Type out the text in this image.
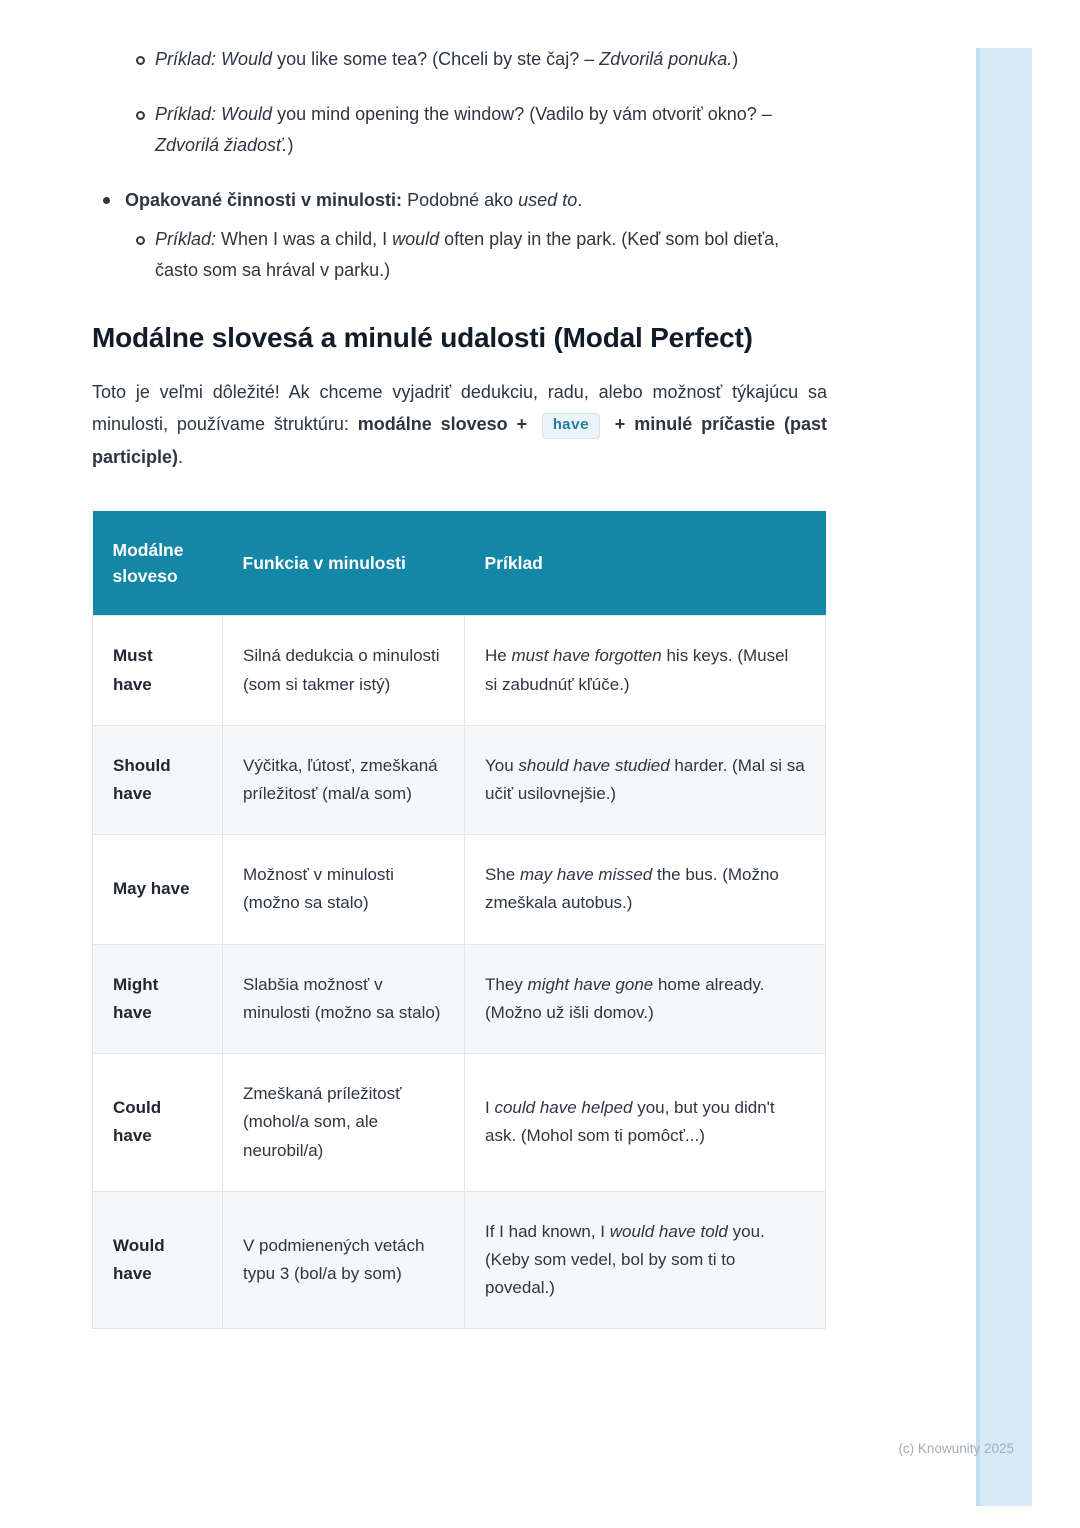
Príklad: Would you like some tea? (Chceli by ste čaj? – Zdvorilá ponuka.)
Príklad: Would you mind opening the window? (Vadilo by vám otvoriť okno? – Zdvorilá žiadosť.)
Opakované činnosti v minulosti: Podobné ako used to.
Príklad: When I was a child, I would often play in the park. (Keď som bol dieťa, často som sa hrával v parku.)
Modálne slovesá a minulé udalosti (Modal Perfect)

Toto je veľmi dôležité! Ak chceme vyjadriť dedukciu, radu, alebo možnosť týkajúcu sa minulosti, používame štruktúru: modálne sloveso + have + minulé príčastie (past participle).

Modálne sloveso	Funkcia v minulosti	Príklad
Must have	Silná dedukcia o minulosti (som si takmer istý)	He must have forgotten his keys. (Musel si zabudnúť kľúče.)
Should have	Výčitka, ľútosť, zmeškaná príležitosť (mal/a som)	You should have studied harder. (Mal si sa učiť usilovnejšie.)
May have	Možnosť v minulosti (možno sa stalo)	She may have missed the bus. (Možno zmeškala autobus.)
Might have	Slabšia možnosť v minulosti (možno sa stalo)	They might have gone home already. (Možno už išli domov.)
Could have	Zmeškaná príležitosť (mohol/a som, ale neurobil/a)	I could have helped you, but you didn't ask. (Mohol som ti pomôcť...)
Would have	V podmienených vetách typu 3 (bol/a by som)	If I had known, I would have told you. (Keby som vedel, bol by som ti to povedal.)
(c) Knowunity 2025
